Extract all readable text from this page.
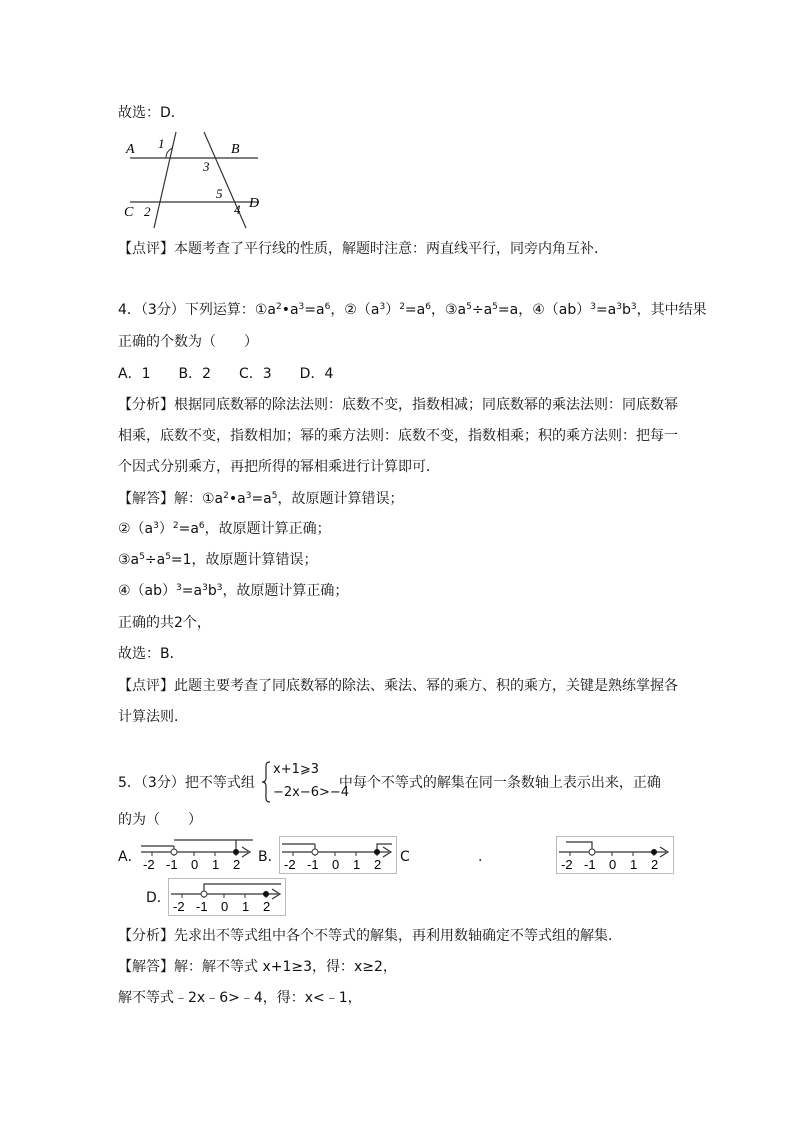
故选：D．
A	B
C
D
1
2
3
4
5
【点评】本题考查了平行线的性质，解题时注意：两直线平行，同旁内角互补．
4．（3分）下列运算：$①a^2•a^3=a^6$，$②(a^3)^2=a^6$，$③a^5\div a^5=a$，$④(ab)^3=a^3b^3$，其中结果
正确的个数为（　　）
A．1　　B．2　　C．3　　D．4
【分析】根据同底数幂的除法法则：底数不变，指数相减；同底数幂的乘法法则：同底数幂
相乘，底数不变，指数相加；幂的乘方法则：底数不变，指数相乘；积的乘方法则：把每一
个因式分别乘方，再把所得的幂相乘进行计算即可．
【解答】解：$①a^2•a^3=a^5$，故原题计算错误；
$②(a^3)^2=a^6$，故原题计算正确；
$③a^5\div a^5=1$，故原题计算错误；
$④(ab)^3=a^3b^3$，故原题计算正确；
正确的共2个，
故选：B．
【点评】此题主要考查了同底数幂的除法、乘法、幂的乘方、积的乘方，关键是熟练掌握各
计算法则．
5．（3分）把不等式组	中每个不等式的解集在同一条数轴上表示出来，正确
x+1⩾3
−2x−6>−4
的为（　　）
A． -2 -1 0 1 2 B． -2 -1 0 1 2 C	.	-2 -1 0 1 2
D．
-2 -1 0 1 2
【分析】先求出不等式组中各个不等式的解集，再利用数轴确定不等式组的解集．
【解答】解：解不等式 x+1≥3，得：x≥2，
解不等式﹣2x﹣6>﹣4，得：x<﹣1，
